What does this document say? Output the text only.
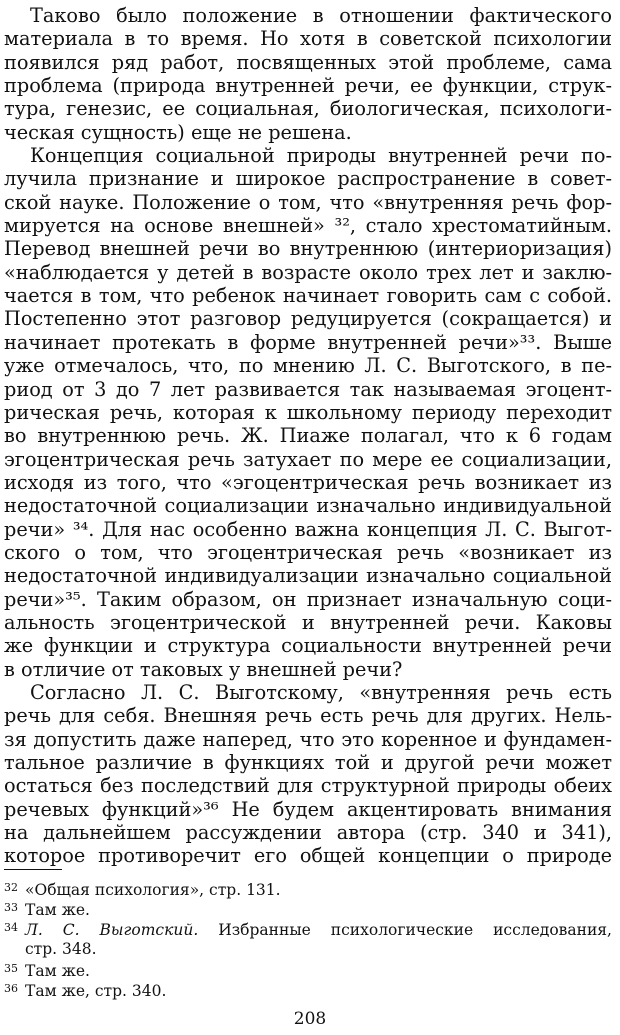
Таково было положение в отношении фактического
материала в то время. Но хотя в советской психологии
появился ряд работ, посвященных этой проблеме, сама
проблема (природа внутренней речи, ее функции, струк-
тура, генезис, ее социальная, биологическая, психологи-
ческая сущность) еще не решена.
Концепция социальной природы внутренней речи по-
лучила признание и широкое распространение в совет-
ской науке. Положение о том, что «внутренняя речь фор-
мируется на основе внешней» ³², стало хрестоматийным.
Перевод внешней речи во внутреннюю (интериоризация)
«наблюдается у детей в возрасте около трех лет и заклю-
чается в том, что ребенок начинает говорить сам с собой.
Постепенно этот разговор редуцируется (сокращается) и
начинает протекать в форме внутренней речи»³³. Выше
уже отмечалось, что, по мнению Л. С. Выготского, в пе-
риод от 3 до 7 лет развивается так называемая эгоцент-
рическая речь, которая к школьному периоду переходит
во внутреннюю речь. Ж. Пиаже полагал, что к 6 годам
эгоцентрическая речь затухает по мере ее социализации,
исходя из того, что «эгоцентрическая речь возникает из
недостаточной социализации изначально индивидуальной
речи» ³⁴. Для нас особенно важна концепция Л. С. Выгот-
ского о том, что эгоцентрическая речь «возникает из
недостаточной индивидуализации изначально социальной
речи»³⁵. Таким образом, он признает изначальную соци-
альность эгоцентрической и внутренней речи. Каковы
же функции и структура социальности внутренней речи
в отличие от таковых у внешней речи?
Согласно Л. С. Выготскому, «внутренняя речь есть
речь для себя. Внешняя речь есть речь для других. Нель-
зя допустить даже наперед, что это коренное и фундамен-
тальное различие в функциях той и другой речи может
остаться без последствий для структурной природы обеих
речевых функций»³⁶ Не будем акцентировать внимания
на дальнейшем рассуждении автора (стр. 340 и 341),
которое противоречит его общей концепции о природе
32 «Общая психология», стр. 131.
33 Там же.
34 Л. С. Выготский. Избранные психологические исследования,
стр. 348.
35 Там же.
36 Там же, стр. 340.
208
